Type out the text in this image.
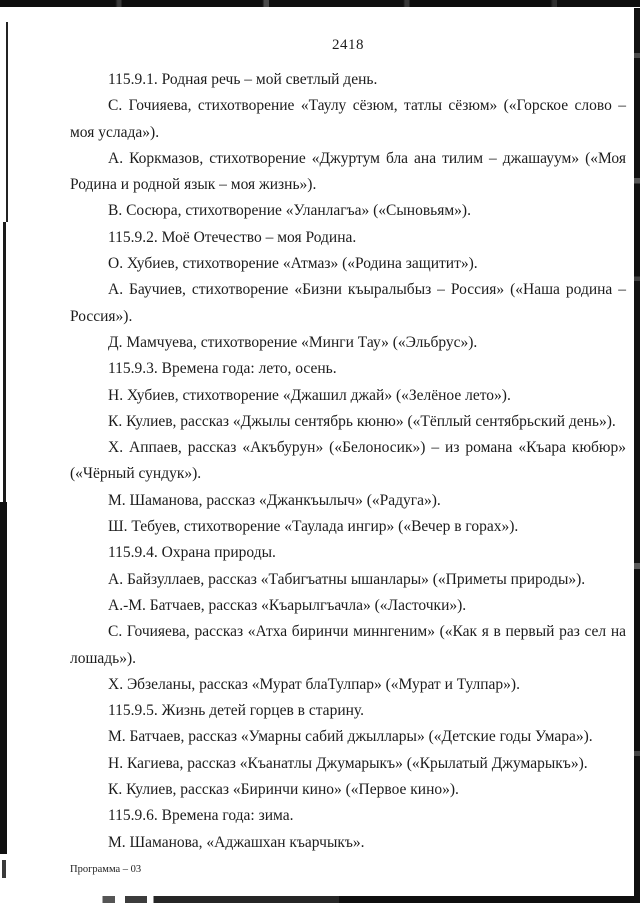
2418

115.9.1. Родная речь – мой светлый день.

С. Гочияева, стихотворение «Таулу сёзюм, татлы сёзюм» («Горское слово – моя услада»).

А. Коркмазов, стихотворение «Джуртум бла ана тилим – джашауум» («Моя Родина и родной язык – моя жизнь»).

В. Сосюра, стихотворение «Уланлагъа» («Сыновьям»).

115.9.2. Моё Отечество – моя Родина.

О. Хубиев, стихотворение «Атмаз» («Родина защитит»).

А. Баучиев, стихотворение «Бизни къыралыбыз – Россия» («Наша родина – Россия»).

Д. Мамчуева, стихотворение «Минги Тау» («Эльбрус»).

115.9.3. Времена года: лето, осень.

Н. Хубиев, стихотворение «Джашил джай» («Зелёное лето»).

К. Кулиев, рассказ «Джылы сентябрь кюню» («Тёплый сентябрьский день»).

Х. Аппаев, рассказ «Акъбурун» («Белоносик») – из романа «Къара кюбюр» («Чёрный сундук»).

М. Шаманова, рассказ «Джанкъылыч» («Радуга»).

Ш. Тебуев, стихотворение «Таулада ингир» («Вечер в горах»).

115.9.4. Охрана природы.

А. Байзуллаев, рассказ «Табигъатны ышанлары» («Приметы природы»).

А.-М. Батчаев, рассказ «Къарылгъачла» («Ласточки»).

С. Гочияева, рассказ «Атха биринчи миннгеним» («Как я в первый раз сел на лошадь»).

Х. Эбзеланы, рассказ «Мурат блаТулпар» («Мурат и Тулпар»).

115.9.5. Жизнь детей горцев в старину.

М. Батчаев, рассказ «Умарны сабий джыллары» («Детские годы Умара»).

Н. Кагиева, рассказ «Къанатлы Джумарыкъ» («Крылатый Джумарыкъ»).

К. Кулиев, рассказ «Биринчи кино» («Первое кино»).

115.9.6. Времена года: зима.

М. Шаманова, «Аджашхан къарчыкъ».

Программа – 03
